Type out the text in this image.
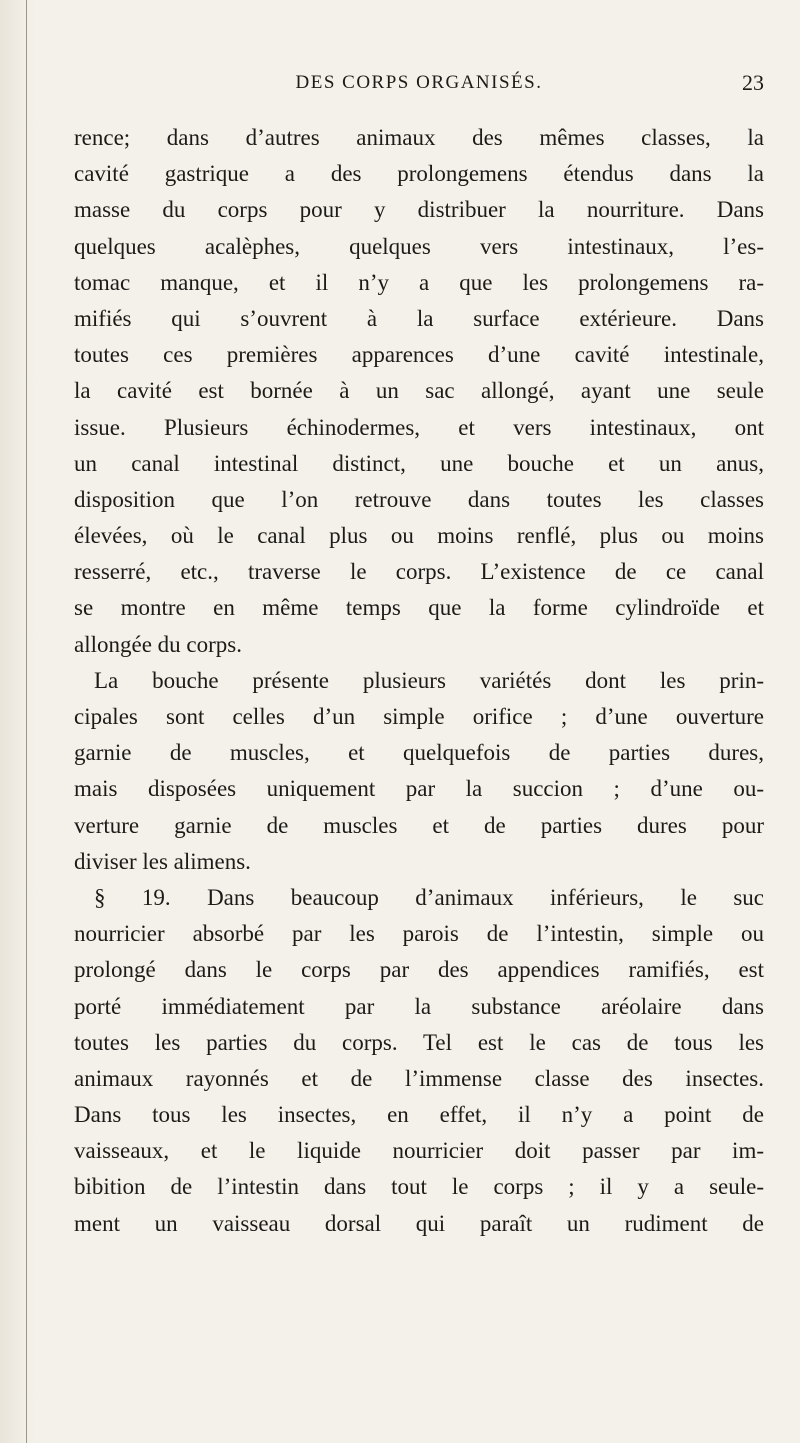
DES CORPS ORGANISÉS.	23
rence; dans d’autres animaux des mêmes classes, la
cavité gastrique a des prolongemens étendus dans la
masse du corps pour y distribuer la nourriture. Dans
quelques acalèphes, quelques vers intestinaux, l’es-
tomac manque, et il n’y a que les prolongemens ra-
mifiés qui s’ouvrent à la surface extérieure. Dans
toutes ces premières apparences d’une cavité intestinale,
la cavité est bornée à un sac allongé, ayant une seule
issue. Plusieurs échinodermes, et vers intestinaux, ont
un canal intestinal distinct, une bouche et un anus,
disposition que l’on retrouve dans toutes les classes
élevées, où le canal plus ou moins renflé, plus ou moins
resserré, etc., traverse le corps. L’existence de ce canal
se montre en même temps que la forme cylindroïde et
allongée du corps.
La bouche présente plusieurs variétés dont les prin-
cipales sont celles d’un simple orifice ; d’une ouverture
garnie de muscles, et quelquefois de parties dures,
mais disposées uniquement par la succion ; d’une ou-
verture garnie de muscles et de parties dures pour
diviser les alimens.
§ 19. Dans beaucoup d’animaux inférieurs, le suc
nourricier absorbé par les parois de l’intestin, simple ou
prolongé dans le corps par des appendices ramifiés, est
porté immédiatement par la substance aréolaire dans
toutes les parties du corps. Tel est le cas de tous les
animaux rayonnés et de l’immense classe des insectes.
Dans tous les insectes, en effet, il n’y a point de
vaisseaux, et le liquide nourricier doit passer par im-
bibition de l’intestin dans tout le corps ; il y a seule-
ment un vaisseau dorsal qui paraît un rudiment de
